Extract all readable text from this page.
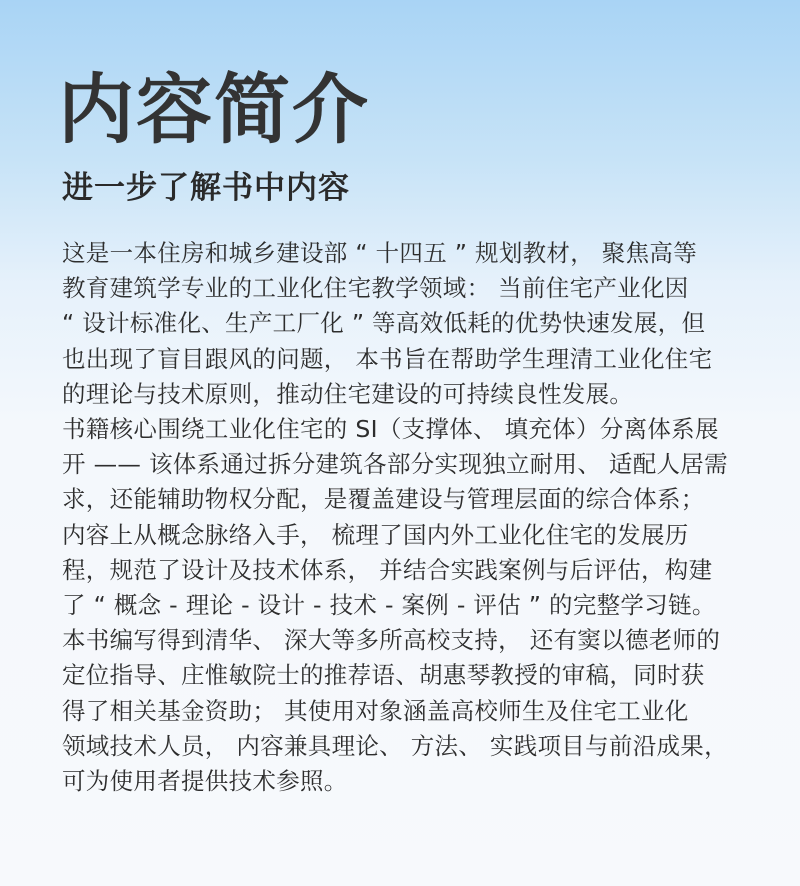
内容简介
进一步了解书中内容
这是一本住房和城乡建设部 “ 十四五 ” 规划教材， 聚焦高等
教育建筑学专业的工业化住宅教学领域： 当前住宅产业化因
“ 设计标准化、生产工厂化 ” 等高效低耗的优势快速发展，但
也出现了盲目跟风的问题， 本书旨在帮助学生理清工业化住宅
的理论与技术原则，推动住宅建设的可持续良性发展。
书籍核心围绕工业化住宅的 SI（支撑体、 填充体）分离体系展
开 —— 该体系通过拆分建筑各部分实现独立耐用、 适配人居需
求，还能辅助物权分配，是覆盖建设与管理层面的综合体系；
内容上从概念脉络入手， 梳理了国内外工业化住宅的发展历
程，规范了设计及技术体系， 并结合实践案例与后评估，构建
了 “ 概念 - 理论 - 设计 - 技术 - 案例 - 评估 ” 的完整学习链。
本书编写得到清华、 深大等多所高校支持， 还有窦以德老师的
定位指导、庄惟敏院士的推荐语、胡惠琴教授的审稿，同时获
得了相关基金资助； 其使用对象涵盖高校师生及住宅工业化
领域技术人员， 内容兼具理论、 方法、 实践项目与前沿成果，
可为使用者提供技术参照。
